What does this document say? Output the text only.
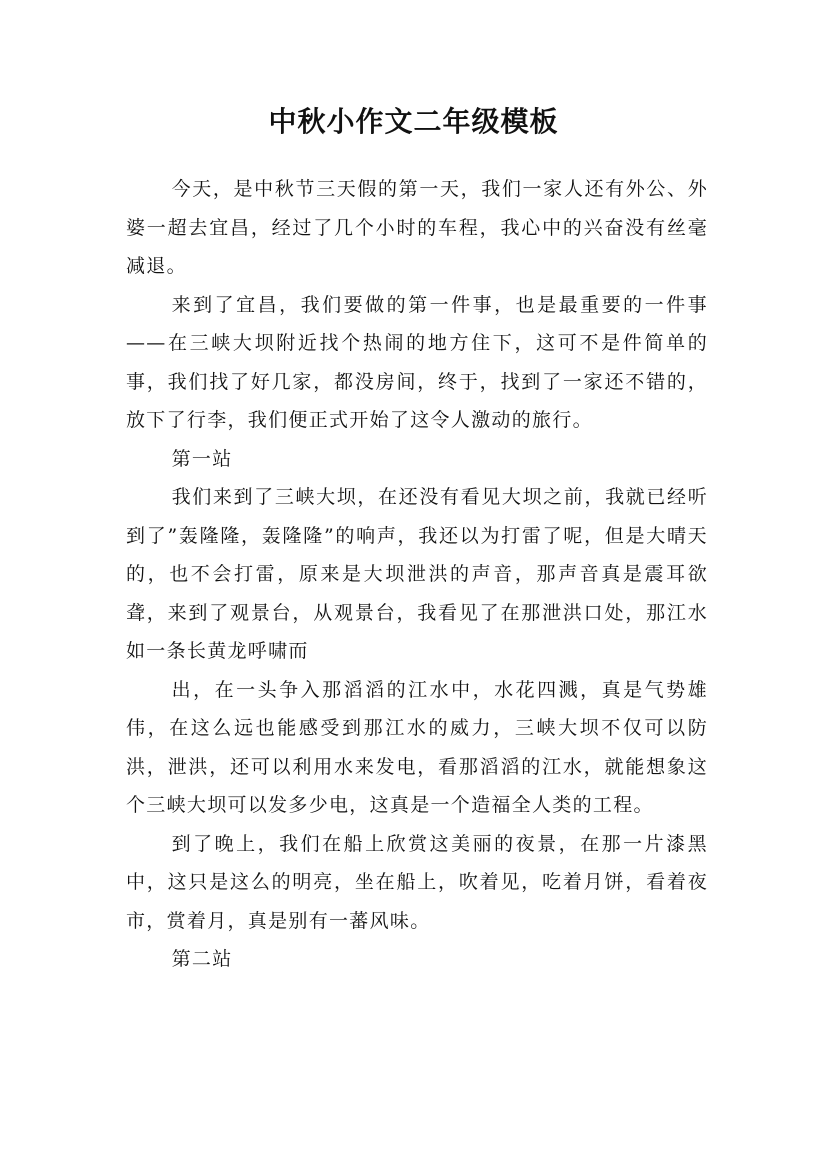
中秋小作文二年级模板

今天，是中秋节三天假的第一天，我们一家人还有外公、外婆一超去宜昌，经过了几个小时的车程，我心中的兴奋没有丝毫减退。

来到了宜昌，我们要做的第一件事，也是最重要的一件事——在三峡大坝附近找个热闹的地方住下，这可不是件简单的事，我们找了好几家，都没房间，终于，找到了一家还不错的，放下了行李，我们便正式开始了这令人激动的旅行。

第一站

我们来到了三峡大坝，在还没有看见大坝之前，我就已经听到了”轰隆隆，轰隆隆”的响声，我还以为打雷了呢，但是大晴天的，也不会打雷，原来是大坝泄洪的声音，那声音真是震耳欲聋，来到了观景台，从观景台，我看见了在那泄洪口处，那江水如一条长黄龙呼啸而

出，在一头争入那滔滔的江水中，水花四溅，真是气势雄伟，在这么远也能感受到那江水的威力，三峡大坝不仅可以防洪，泄洪，还可以利用水来发电，看那滔滔的江水，就能想象这个三峡大坝可以发多少电，这真是一个造福全人类的工程。

到了晚上，我们在船上欣赏这美丽的夜景，在那一片漆黑中，这只是这么的明亮，坐在船上，吹着见，吃着月饼，看着夜市，赏着月，真是别有一蕃风味。

第二站
